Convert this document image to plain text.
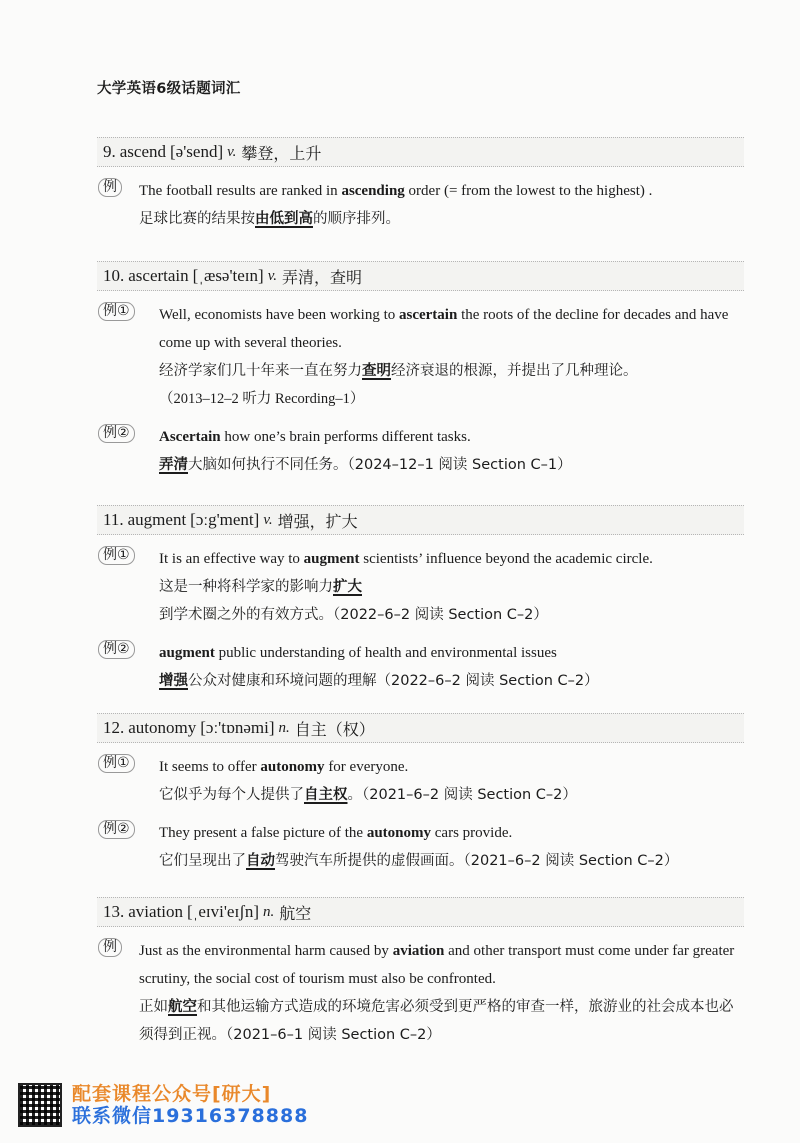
大学英语6级话题词汇
9. ascend [ə'send] v. 攀登，上升
例	The football results are ranked in ascending order (= from the lowest to the highest) .
足球比赛的结果按由低到高的顺序排列。
10. ascertain [ˌæsə'teɪn] v. 弄清，查明
例①	Well, economists have been working to ascertain the roots of the decline for decades and have come up with several theories.
经济学家们几十年来一直在努力查明经济衰退的根源，并提出了几种理论。
（2013–12–2 听力 Recording–1）
例②	Ascertain how one’s brain performs different tasks.
弄清大脑如何执行不同任务。（2024–12–1 阅读 Section C–1）
11. augment [ɔːg'ment] v. 增强，扩大
例①	It is an effective way to augment scientists’ influence beyond the academic circle.
这是一种将科学家的影响力扩大到学术圈之外的有效方式。（2022–6–2 阅读 Section C–2）
例②	augment public understanding of health and environmental issues
增强公众对健康和环境问题的理解（2022–6–2 阅读 Section C–2）
12. autonomy [ɔː'tɒnəmi] n. 自主（权）
例①	It seems to offer autonomy for everyone.
它似乎为每个人提供了自主权。（2021–6–2 阅读 Section C–2）
例②	They present a false picture of the autonomy cars provide.
它们呈现出了自动驾驶汽车所提供的虚假画面。（2021–6–2 阅读 Section C–2）
13. aviation [ˌeɪvi'eɪʃn] n. 航空
例	Just as the environmental harm caused by aviation and other transport must come under far greater scrutiny, the social cost of tourism must also be confronted.
正如航空和其他运输方式造成的环境危害必须受到更严格的审查一样，旅游业的社会成本也必须得到正视。（2021–6–1 阅读 Section C–2）
配套课程公众号[研大]
联系微信19316378888
